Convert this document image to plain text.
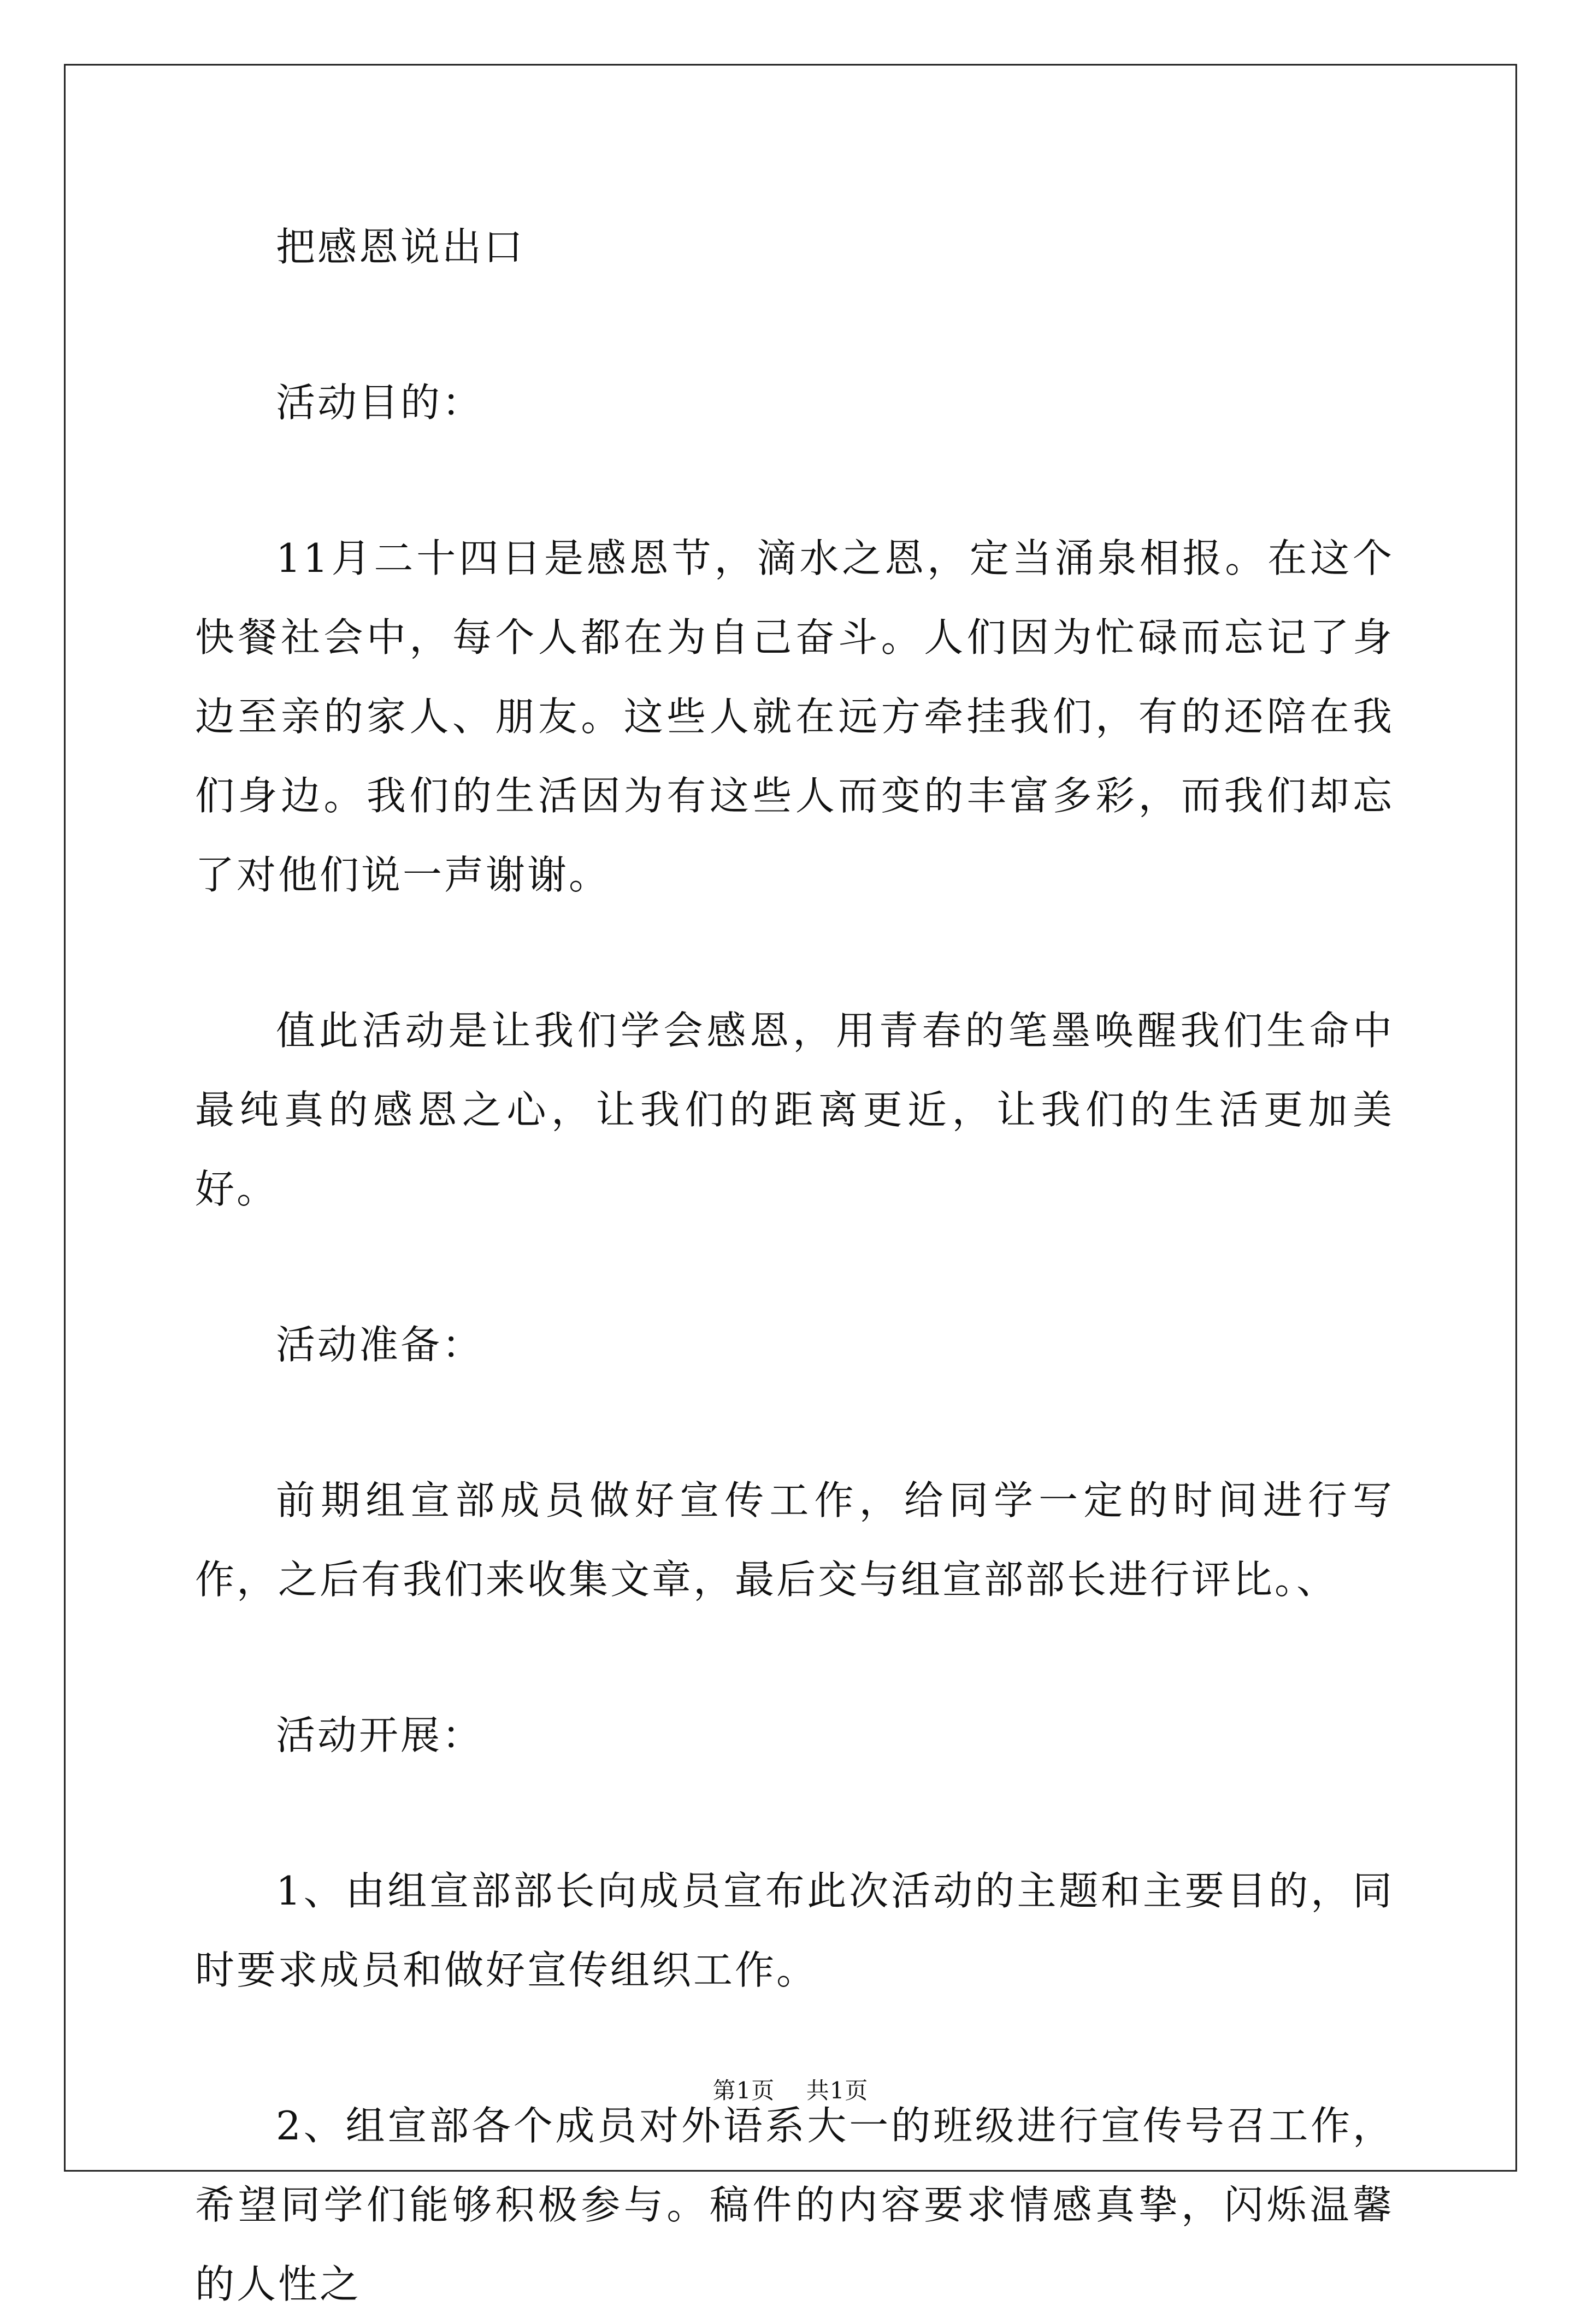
把感恩说出口

活动目的：

11月二十四日是感恩节，滴水之恩，定当涌泉相报。在这个快餐社会中，每个人都在为自己奋斗。人们因为忙碌而忘记了身边至亲的家人、朋友。这些人就在远方牵挂我们，有的还陪在我们身边。我们的生活因为有这些人而变的丰富多彩，而我们却忘了对他们说一声谢谢。

值此活动是让我们学会感恩，用青春的笔墨唤醒我们生命中最纯真的感恩之心，让我们的距离更近，让我们的生活更加美好。

活动准备：

前期组宣部成员做好宣传工作，给同学一定的时间进行写作，之后有我们来收集文章，最后交与组宣部部长进行评比。、

活动开展：

1、由组宣部部长向成员宣布此次活动的主题和主要目的，同时要求成员和做好宣传组织工作。

2、组宣部各个成员对外语系大一的班级进行宣传号召工作，希望同学们能够积极参与。稿件的内容要求情感真挚，闪烁温馨的人性之

第1页 共1页
